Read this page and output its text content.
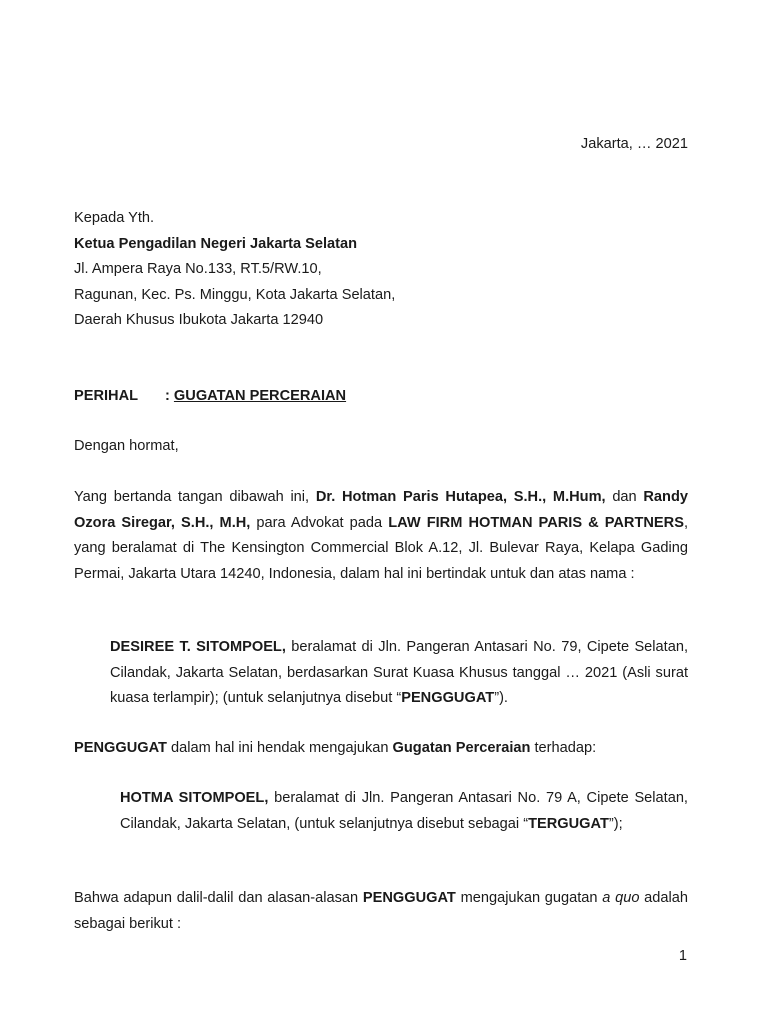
Jakarta, … 2021
Kepada Yth.
Ketua Pengadilan Negeri Jakarta Selatan
Jl. Ampera Raya No.133, RT.5/RW.10,
Ragunan, Kec. Ps. Minggu, Kota Jakarta Selatan,
Daerah Khusus Ibukota Jakarta 12940
PERIHAL : GUGATAN PERCERAIAN
Dengan hormat,
Yang bertanda tangan dibawah ini, Dr. Hotman Paris Hutapea, S.H., M.Hum, dan Randy Ozora Siregar, S.H., M.H, para Advokat pada LAW FIRM HOTMAN PARIS & PARTNERS, yang beralamat di The Kensington Commercial Blok A.12, Jl. Bulevar Raya, Kelapa Gading Permai, Jakarta Utara 14240, Indonesia, dalam hal ini bertindak untuk dan atas nama :
DESIREE T. SITOMPOEL, beralamat di Jln. Pangeran Antasari No. 79, Cipete Selatan, Cilandak, Jakarta Selatan, berdasarkan Surat Kuasa Khusus tanggal … 2021 (Asli surat kuasa terlampir); (untuk selanjutnya disebut “PENGGUGAT”).
PENGGUGAT dalam hal ini hendak mengajukan Gugatan Perceraian terhadap:
HOTMA SITOMPOEL, beralamat di Jln. Pangeran Antasari No. 79 A, Cipete Selatan, Cilandak, Jakarta Selatan, (untuk selanjutnya disebut sebagai “TERGUGAT”);
Bahwa adapun dalil-dalil dan alasan-alasan PENGGUGAT mengajukan gugatan a quo adalah sebagai berikut :
1
